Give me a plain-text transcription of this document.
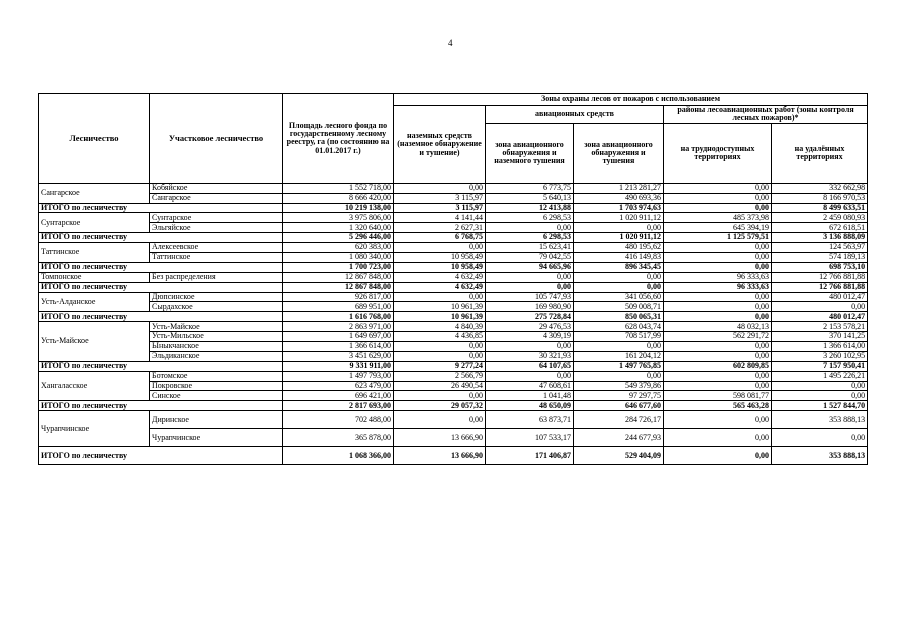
4
Лесничество	Участковое лесничество	Площадь лесного фонда по государственному лесному реестру, га (по состоянию на 01.01.2017 г.)	Зоны охраны лесов от пожаров с использованием				
			наземных средств (наземное обнаружение и тушение)	авиационных средств		районы лесоавиационных работ (зоны контроля лесных пожаров)*	
				зона авиационного обнаружения и наземного тушения	зона авиационного обнаружения и тушения	на труднодоступных территориях	на удалённых территориях

Сангарское	Кобяйское	1 552 718,00	0,00	6 773,75	1 213 281,27	0,00	332 662,98
	Сангарское	8 666 420,00	3 115,97	5 640,13	490 693,36	0,00	8 166 970,53
ИТОГО по лесничеству		10 219 138,00	3 115,97	12 413,88	1 703 974,63	0,00	8 499 633,51
Сунтарское	Сунтарское	3 975 806,00	4 141,44	6 298,53	1 020 911,12	485 373,98	2 459 080,93
	Эльгяйское	1 320 640,00	2 627,31	0,00	0,00	645 394,19	672 618,51
ИТОГО по лесничеству		5 296 446,00	6 768,75	6 298,53	1 020 911,12	1 125 579,51	3 136 888,09
Таттинское	Алексеевское	620 383,00	0,00	15 623,41	480 195,62	0,00	124 563,97
	Таттинское	1 080 340,00	10 958,49	79 042,55	416 149,83	0,00	574 189,13
ИТОГО по лесничеству		1 700 723,00	10 958,49	94 665,96	896 345,45	0,00	698 753,10
Томпонское	Без распределения	12 867 848,00	4 632,49	0,00	0,00	96 333,63	12 766 881,88
ИТОГО по лесничеству		12 867 848,00	4 632,49	0,00	0,00	96 333,63	12 766 881,88
Усть-Алданское	Дюпсинское	926 817,00	0,00	105 747,93	341 056,60	0,00	480 012,47
	Сырдахское	689 951,00	10 961,39	169 980,90	509 008,71	0,00	0,00
ИТОГО по лесничеству		1 616 768,00	10 961,39	275 728,84	850 065,31	0,00	480 012,47
Усть-Майское	Усть-Майское	2 863 971,00	4 840,39	29 476,53	628 043,74	48 032,13	2 153 578,21
	Усть-Мильское	1 649 697,00	4 436,85	4 309,19	708 517,99	562 291,72	370 141,25
	Ыныкчанское	1 366 614,00	0,00	0,00	0,00	0,00	1 366 614,00
	Эльдиканское	3 451 629,00	0,00	30 321,93	161 204,12	0,00	3 260 102,95
ИТОГО по лесничеству		9 331 911,00	9 277,24	64 107,65	1 497 765,85	602 809,85	7 157 950,41
Хангаласское	Ботомское	1 497 793,00	2 566,79	0,00	0,00	0,00	1 495 226,21
	Покровское	623 479,00	26 490,54	47 608,61	549 379,86	0,00	0,00
	Синское	696 421,00	0,00	1 041,48	97 297,75	598 081,77	0,00
ИТОГО по лесничеству		2 817 693,00	29 057,32	48 650,09	646 677,60	565 463,28	1 527 844,70
Чурапчинское	Диринское	702 488,00	0,00	63 873,71	284 726,17	0,00	353 888,13
	Чурапчинское	365 878,00	13 666,90	107 533,17	244 677,93	0,00	0,00
ИТОГО по лесничеству		1 068 366,00	13 666,90	171 406,87	529 404,09	0,00	353 888,13
